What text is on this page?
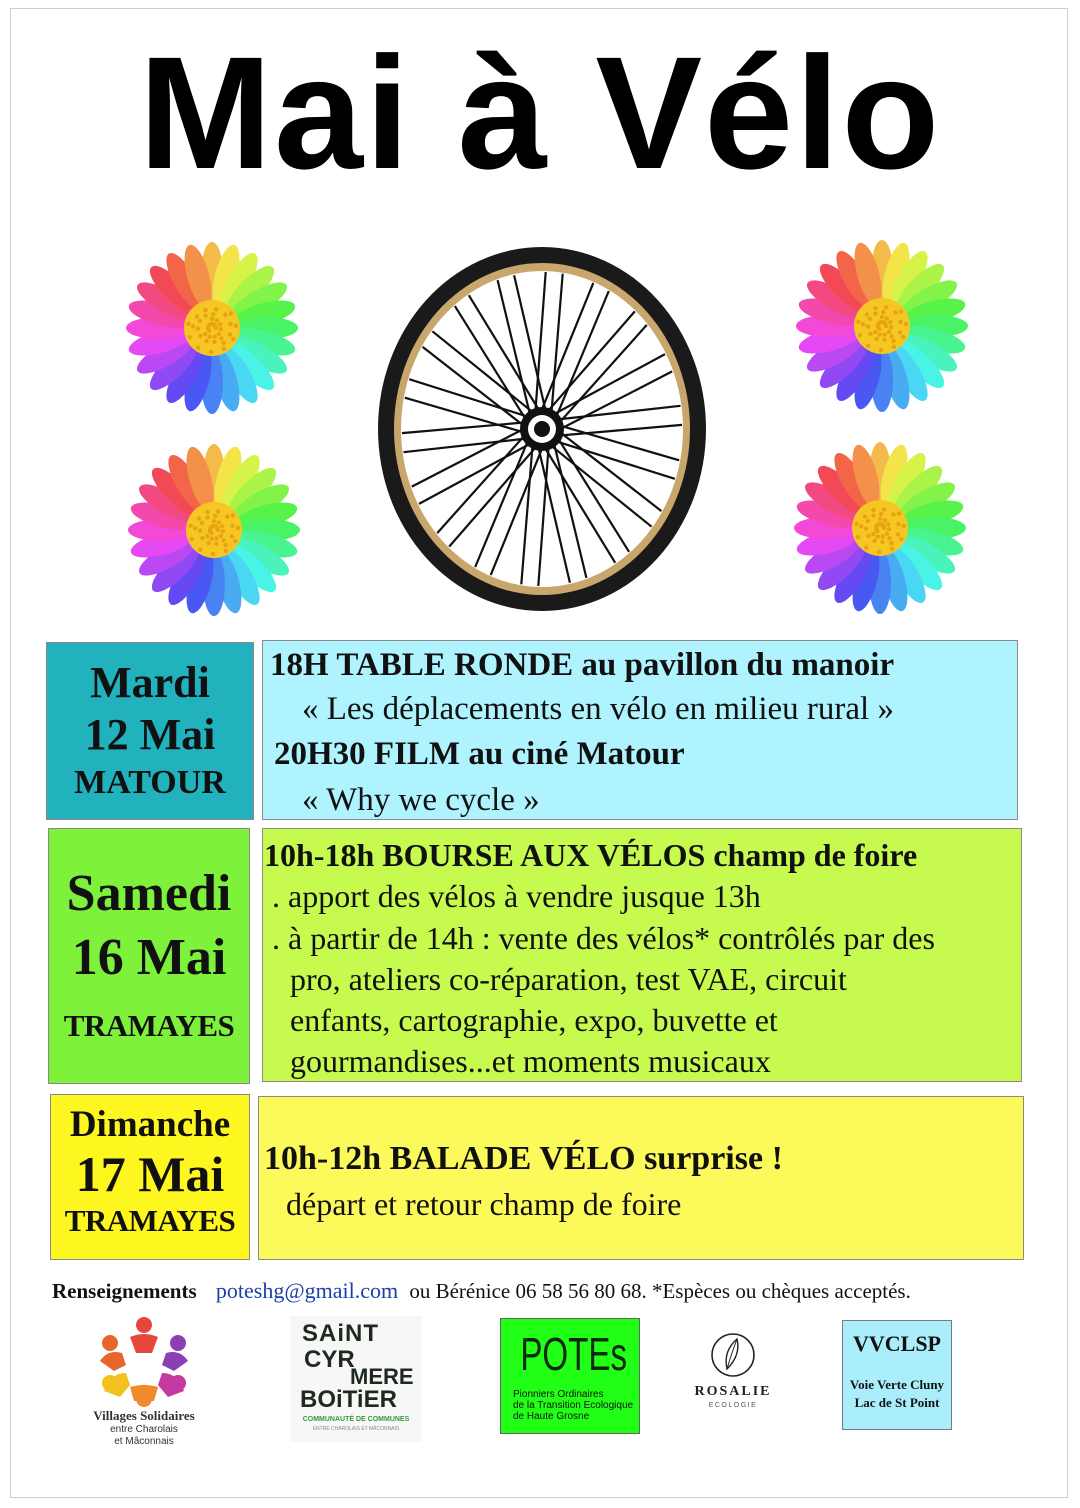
Mai à Vélo
Mardi
12 Mai
MATOUR
18H TABLE RONDE au pavillon du manoir
« Les déplacements en vélo en milieu rural »
20H30 FILM au ciné Matour
« Why we cycle »
Samedi
16 Mai
TRAMAYES
10h-18h BOURSE AUX VÉLOS champ de foire
. apport des vélos à vendre jusque 13h
. à partir de 14h : vente des vélos* contrôlés par des
pro, ateliers co-réparation, test VAE, circuit
enfants, cartographie, expo, buvette et
gourmandises...et moments musicaux
Dimanche
17 Mai
TRAMAYES
10h-12h BALADE VÉLO surprise !
départ et retour champ de foire
Renseignements poteshg@gmail.com ou Bérénice 06 58 56 80 68. *Espèces ou chèques acceptés.
Villages Solidaires
entre Charolais
et Mâconnais
SAiNT
CYR
MERE
BOiTiER
COMMUNAUTÉ DE COMMUNES
ENTRE CHAROLAIS ET MÂCONNAIS
POTEs
Pionniers Ordinaires
de la Transition Ecologique
de Haute Grosne
ROSALIE
ECOLOGIE
VVCLSP
Voie Verte Cluny
Lac de St Point
